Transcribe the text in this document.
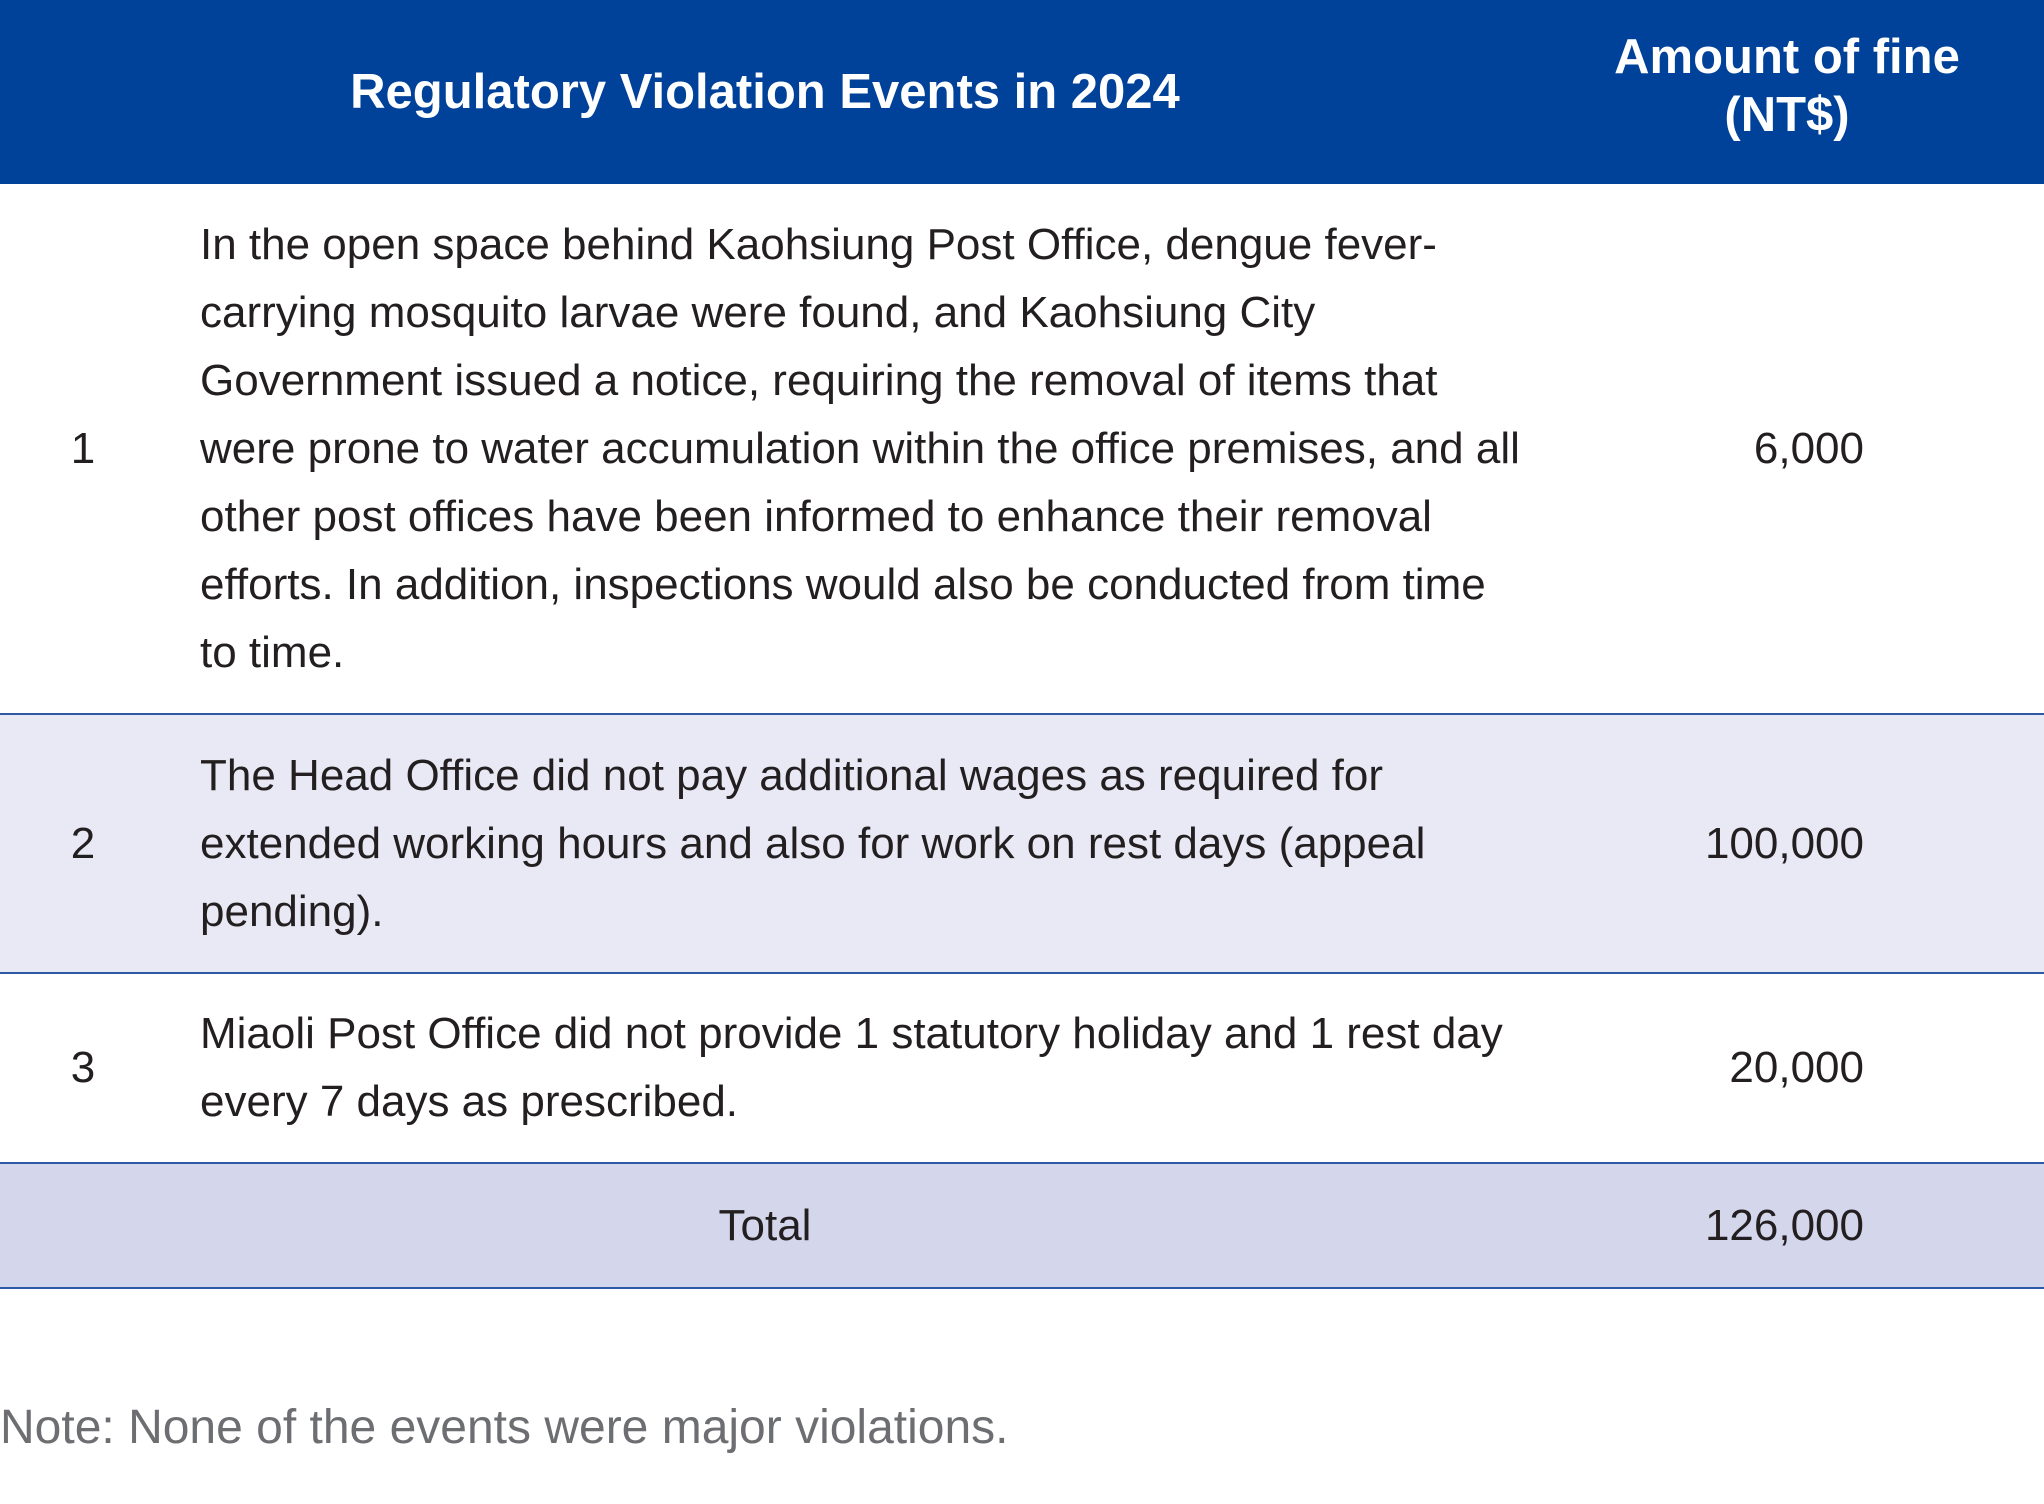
Regulatory Violation Events in 2024
Amount of fine
(NT$)
1
In the open space behind Kaohsiung Post Office, dengue fever-carrying mosquito larvae were found, and Kaohsiung City Government issued a notice, requiring the removal of items that were prone to water accumulation within the office premises, and all other post offices have been informed to enhance their removal efforts. In addition, inspections would also be conducted from time to time.
6,000
2
The Head Office did not pay additional wages as required for extended working hours and also for work on rest days (appeal pending).
100,000
3
Miaoli Post Office did not provide 1 statutory holiday and 1 rest day every 7 days as prescribed.
20,000
Total	126,000
Note: None of the events were major violations.
